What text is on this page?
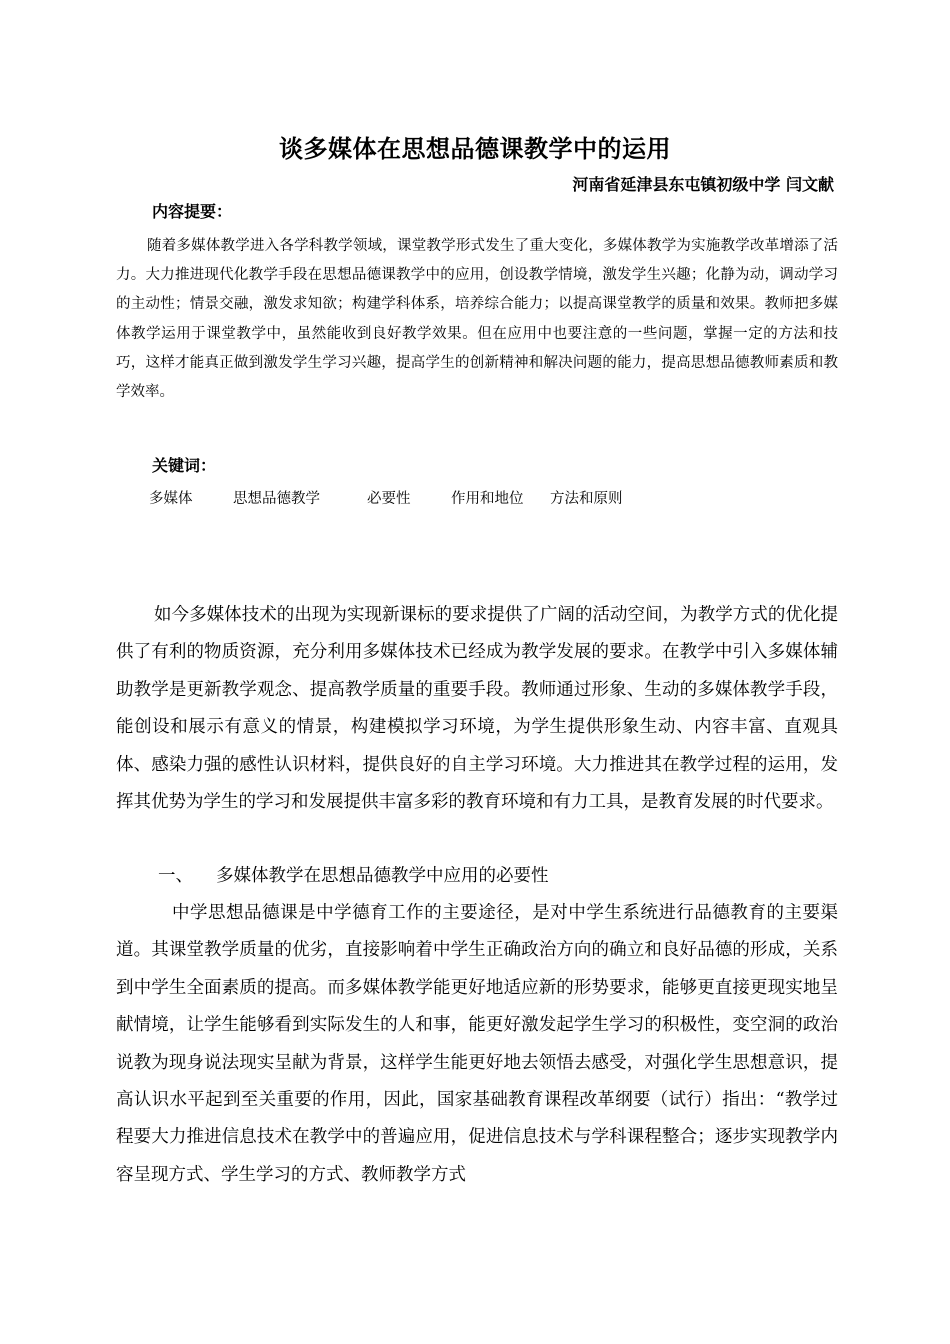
谈多媒体在思想品德课教学中的运用
河南省延津县东屯镇初级中学 闫文献
内容提要：

随着多媒体教学进入各学科教学领域，课堂教学形式发生了重大变化，多媒体教学为实施教学改革增添了活力。大力推进现代化教学手段在思想品德课教学中的应用，创设教学情境，激发学生兴趣；化静为动，调动学习的主动性；情景交融，激发求知欲；构建学科体系，培养综合能力；以提高课堂教学的质量和效果。教师把多媒体教学运用于课堂教学中，虽然能收到良好教学效果。但在应用中也要注意的一些问题，掌握一定的方法和技巧，这样才能真正做到激发学生学习兴趣，提高学生的创新精神和解决问题的能力，提高思想品德教师素质和教学效率。

关键词：
多媒体	思想品德教学	必要性	作用和地位	方法和原则

如今多媒体技术的出现为实现新课标的要求提供了广阔的活动空间，为教学方式的优化提供了有利的物质资源，充分利用多媒体技术已经成为教学发展的要求。在教学中引入多媒体辅助教学是更新教学观念、提高教学质量的重要手段。教师通过形象、生动的多媒体教学手段，能创设和展示有意义的情景，构建模拟学习环境，为学生提供形象生动、内容丰富、直观具体、感染力强的感性认识材料，提供良好的自主学习环境。大力推进其在教学过程的运用，发挥其优势为学生的学习和发展提供丰富多彩的教育环境和有力工具，是教育发展的时代要求。

一、 多媒体教学在思想品德教学中应用的必要性

中学思想品德课是中学德育工作的主要途径，是对中学生系统进行品德教育的主要渠道。其课堂教学质量的优劣，直接影响着中学生正确政治方向的确立和良好品德的形成，关系到中学生全面素质的提高。而多媒体教学能更好地适应新的形势要求，能够更直接更现实地呈献情境，让学生能够看到实际发生的人和事，能更好激发起学生学习的积极性，变空洞的政治说教为现身说法现实呈献为背景，这样学生能更好地去领悟去感受，对强化学生思想意识，提高认识水平起到至关重要的作用，因此，国家基础教育课程改革纲要（试行）指出：“教学过程要大力推进信息技术在教学中的普遍应用，促进信息技术与学科课程整合；逐步实现教学内容呈现方式、学生学习的方式、教师教学方式
